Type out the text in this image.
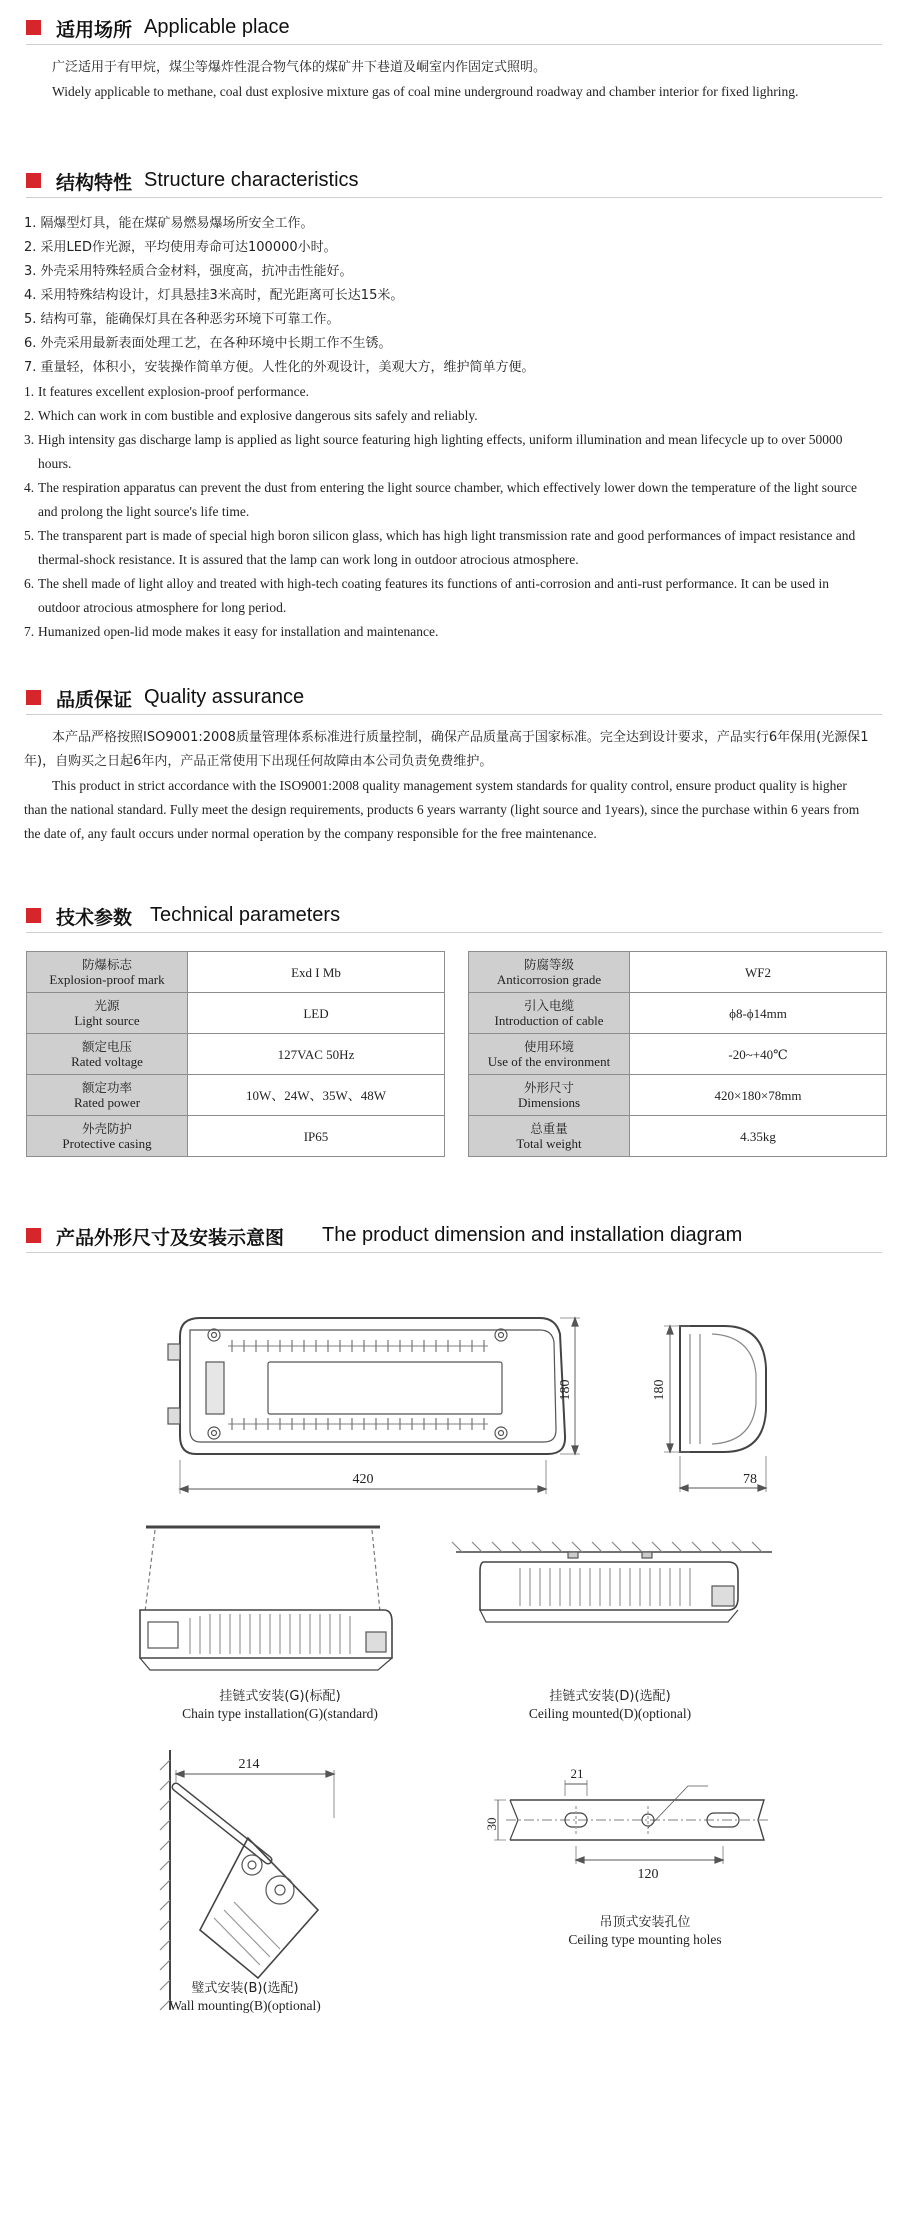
适用场所 Applicable place
广泛适用于有甲烷，煤尘等爆炸性混合物气体的煤矿井下巷道及峒室内作固定式照明。
Widely applicable to methane, coal dust explosive mixture gas of coal mine underground roadway and chamber interior for fixed lighring.
结构特性 Structure characteristics
1. 隔爆型灯具，能在煤矿易燃易爆场所安全工作。
2. 采用LED作光源，平均使用寿命可达100000小时。
3. 外壳采用特殊轻质合金材料，强度高，抗冲击性能好。
4. 采用特殊结构设计，灯具悬挂3米高时，配光距离可长达15米。
5. 结构可靠，能确保灯具在各种恶劣环境下可靠工作。
6. 外壳采用最新表面处理工艺，在各种环境中长期工作不生锈。
7. 重量轻，体积小，安装操作简单方便。人性化的外观设计，美观大方，维护简单方便。
1. It features excellent explosion-proof performance.
2. Which can work in com bustible and explosive dangerous sits safely and reliably.
3. High intensity gas discharge lamp is applied as light source featuring high lighting effects, uniform illumination and mean lifecycle up to over 50000 hours.
4. The respiration apparatus can prevent the dust from entering the light source chamber, which effectively lower down the temperature of the light source and prolong the light source's life time.
5. The transparent part is made of special high boron silicon glass, which has high light transmission rate and good performances of impact resistance and thermal-shock resistance. It is assured that the lamp can work long in outdoor atrocious atmosphere.
6. The shell made of light alloy and treated with high-tech coating features its functions of anti-corrosion and anti-rust performance. It can be used in outdoor atrocious atmosphere for long period.
7. Humanized open-lid mode makes it easy for installation and maintenance.
品质保证 Quality assurance
本产品严格按照ISO9001:2008质量管理体系标准进行质量控制，确保产品质量高于国家标准。完全达到设计要求，产品实行6年保用(光源保1年)，自购买之日起6年内，产品正常使用下出现任何故障由本公司负责免费维护。
This product in strict accordance with the ISO9001:2008 quality management system standards for quality control, ensure product quality is higher than the national standard. Fully meet the design requirements, products 6 years warranty (light source and 1years), since the purchase within 6 years from the date of, any fault occurs under normal operation by the company responsible for the free maintenance.
技术参数 Technical parameters
防爆标志
Explosion-proof mark	Exd I Mb

光源
Light source	LED

额定电压
Rated voltage	127VAC 50Hz

额定功率
Rated power	10W、24W、35W、48W

外壳防护
Protective casing	IP65
防腐等级
Anticorrosion grade	WF2

引入电缆
Introduction of cable	ϕ8-ϕ14mm

使用环境
Use of the environment	-20~+40℃

外形尺寸
Dimensions	420×180×78mm

总重量
Total weight	4.35kg
产品外形尺寸及安装示意图 The product dimension and installation diagram
420
180	180
78
214
21
30
120
挂链式安装(G)(标配)
Chain type installation(G)(standard)
挂链式安装(D)(选配)
Ceiling mounted(D)(optional)
璧式安装(B)(选配)
Wall mounting(B)(optional)
吊顶式安装孔位
Ceiling type mounting holes
